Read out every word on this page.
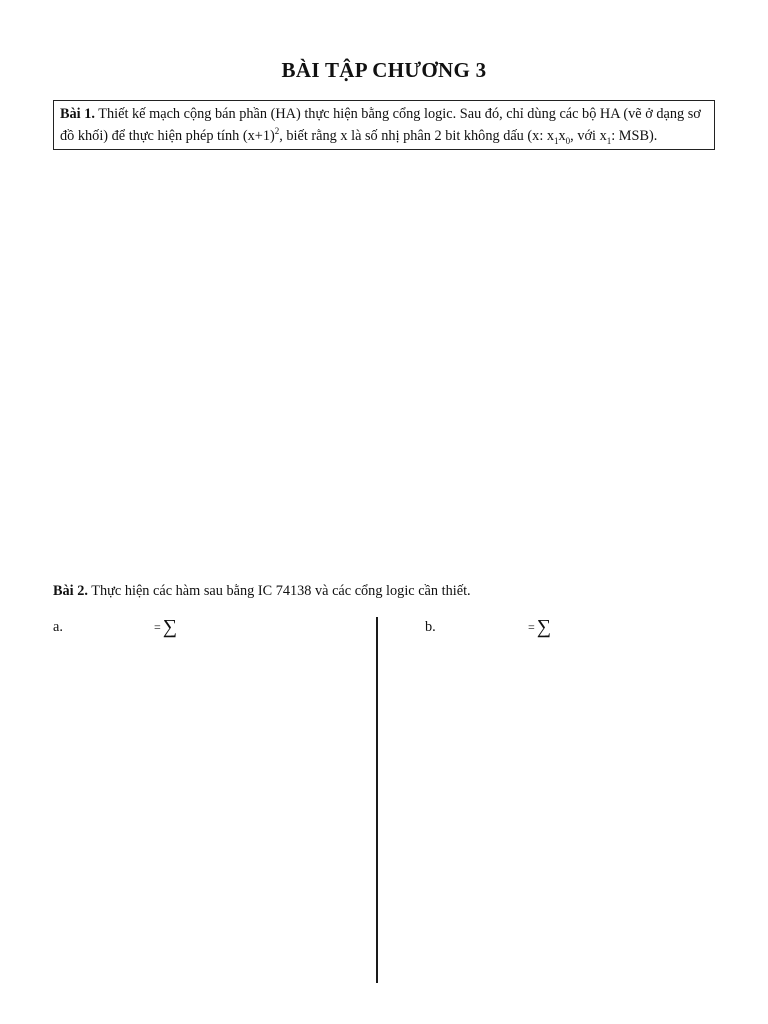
BÀI TẬP CHƯƠNG 3
Bài 1. Thiết kế mạch cộng bán phần (HA) thực hiện bằng cổng logic. Sau đó, chỉ dùng các bộ HA (vẽ ở dạng sơ đồ khối) để thực hiện phép tính $(x+1)^2$, biết rằng x là số nhị phân 2 bit không dấu (x: $x_1x_0$, với $x_1$: MSB).
Bài 2. Thực hiện các hàm sau bằng IC 74138 và các cổng logic cần thiết.
a.	= ∑	b.	= ∑
